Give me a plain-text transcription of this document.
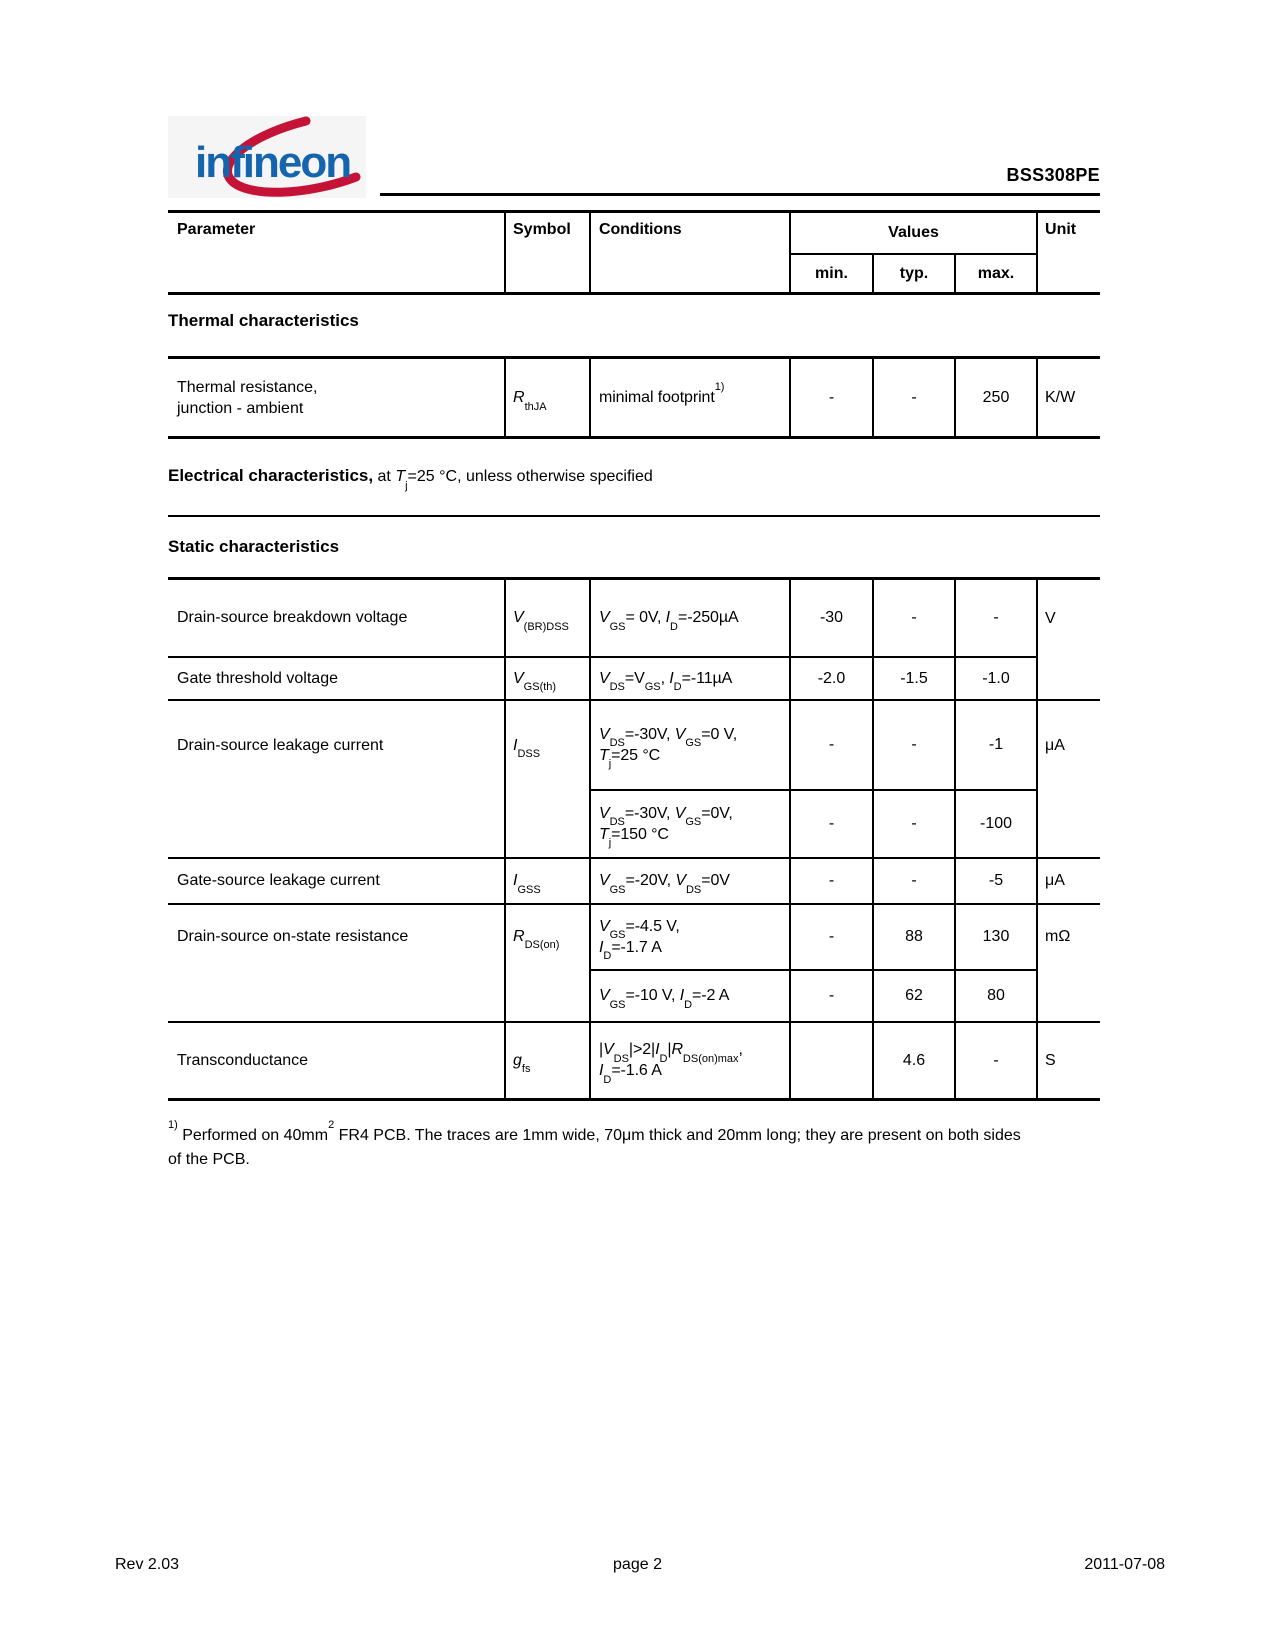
infineon	BSS308PE
Parameter	Symbol	Conditions	Values			Unit
			min.	typ.	max.	
Thermal characteristics
Thermal resistance,
junction - ambient	$R_{thJA}$	minimal footprint$^{1)}$	-	-	250	K/W
Electrical characteristics, at $T_j=25$ °C, unless otherwise specified
Static characteristics
Drain-source breakdown voltage	$V_{(BR)DSS}$	$V_{GS}= 0V$, $I_D=-250\mu A$	-30	-	-	V
Gate threshold voltage	$V_{GS(th)}$	$V_{DS}=V_{GS}$, $I_D=-11\mu A$	-2.0	-1.5	-1.0	
Drain-source leakage current	$I_{DSS}$	$V_{DS}=-30V$, $V_{GS}=0$ V,
$T_j=25$ °C	-	-	-1	μA
		$V_{DS}=-30V$, $V_{GS}=0V$,
$T_j=150$ °C	-	-	-100	
Gate-source leakage current	$I_{GSS}$	$V_{GS}=-20V$, $V_{DS}=0V$	-	-	-5	μA
Drain-source on-state resistance	$R_{DS(on)}$	$V_{GS}=-4.5$ V,
$I_D=-1.7$ A	-	88	130	mΩ
		$V_{GS}=-10$ V, $I_D=-2$ A	-	62	80	
Transconductance	$g_{fs}$	$|V_{DS}|>2|I_D|R_{DS(on)max}$,
$I_D=-1.6$ A		4.6	-	S
$^{1)}$ Performed on $40mm^2$ FR4 PCB. The traces are 1mm wide, 70μm thick and 20mm long; they are present on both sides
of the PCB.
Rev 2.03	page 2	2011-07-08
